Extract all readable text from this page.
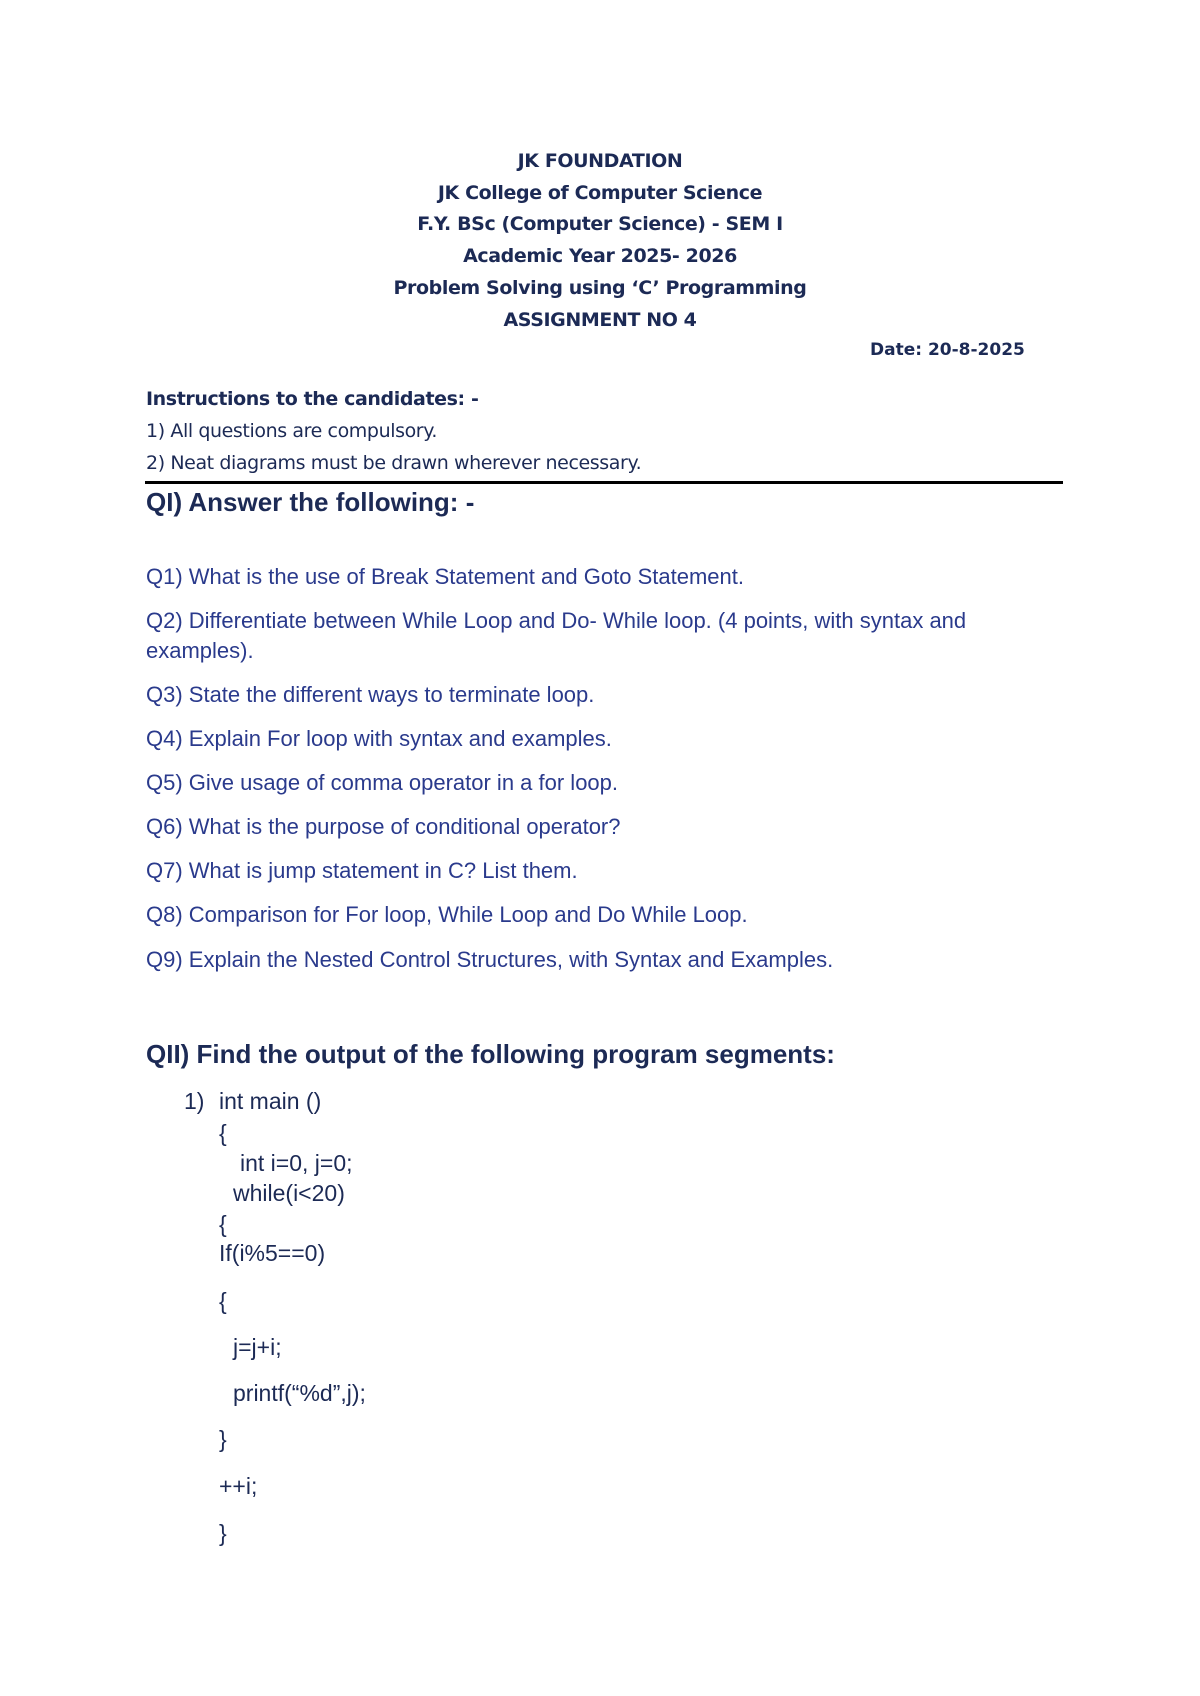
JK FOUNDATION
JK College of Computer Science
F.Y. BSc (Computer Science) - SEM I
Academic Year 2025- 2026
Problem Solving using ‘C’ Programming
ASSIGNMENT NO 4
Date: 20-8-2025
Instructions to the candidates: -
1) All questions are compulsory.
2) Neat diagrams must be drawn wherever necessary.
QI) Answer the following: -
Q1) What is the use of Break Statement and Goto Statement.
Q2) Differentiate between While Loop and Do- While loop. (4 points, with syntax and examples).
Q3) State the different ways to terminate loop.
Q4) Explain For loop with syntax and examples.
Q5) Give usage of comma operator in a for loop.
Q6) What is the purpose of conditional operator?
Q7) What is jump statement in C? List them.
Q8) Comparison for For loop, While Loop and Do While Loop.
Q9) Explain the Nested Control Structures, with Syntax and Examples.
QII) Find the output of the following program segments:
1) int main ()
{
int i=0, j=0;
while(i<20)
{
If(i%5==0)
{
j=j+i;
printf(“%d”,j);
}
++i;
}
